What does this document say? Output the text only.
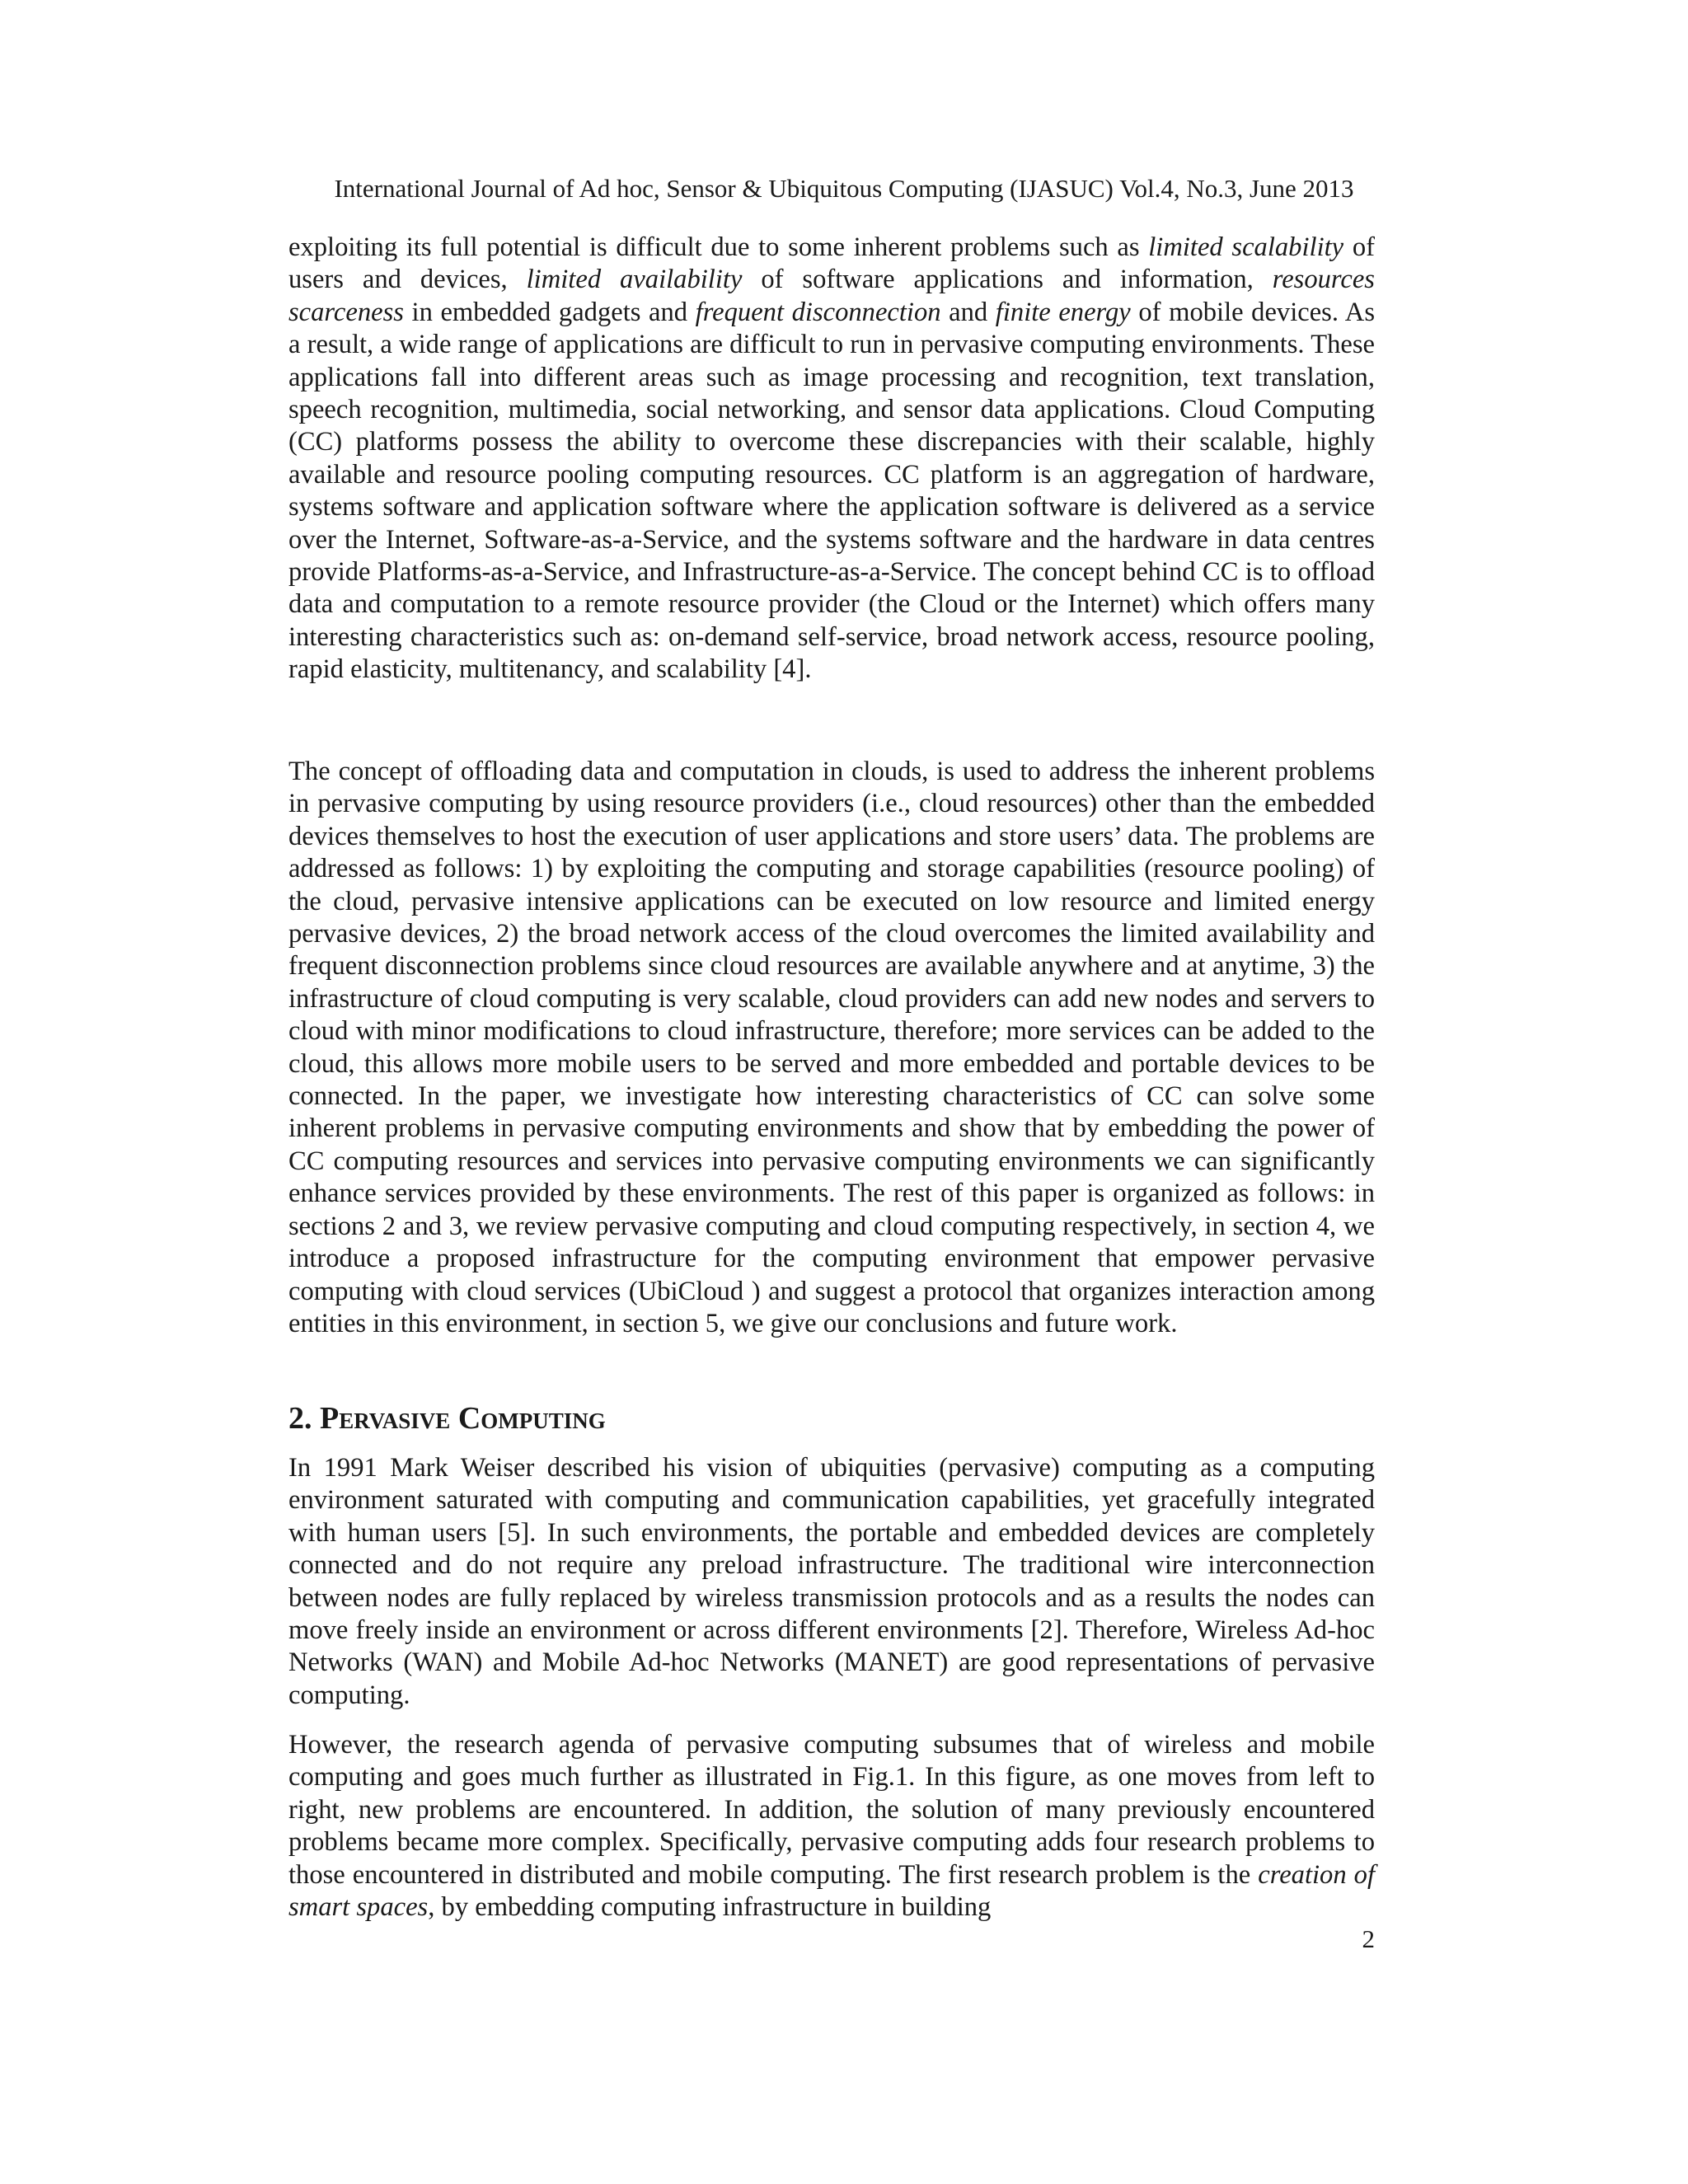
International Journal of Ad hoc, Sensor & Ubiquitous Computing (IJASUC) Vol.4, No.3, June 2013
exploiting its full potential is difficult due to some inherent problems such as limited scalability of users and devices, limited availability of software applications and information, resources scarceness in embedded gadgets and frequent disconnection and finite energy of mobile devices. As a result, a wide range of applications are difficult to run in pervasive computing environments. These applications fall into different areas such as image processing and recognition, text translation, speech recognition, multimedia, social networking, and sensor data applications. Cloud Computing (CC) platforms possess the ability to overcome these discrepancies with their scalable, highly available and resource pooling computing resources. CC platform is an aggregation of hardware, systems software and application software where the application software is delivered as a service over the Internet, Software-as-a-Service, and the systems software and the hardware in data centres provide Platforms-as-a-Service, and Infrastructure-as-a-Service. The concept behind CC is to offload data and computation to a remote resource provider (the Cloud or the Internet) which offers many interesting characteristics such as: on-demand self-service, broad network access, resource pooling, rapid elasticity, multitenancy, and scalability [4].
The concept of offloading data and computation in clouds, is used to address the inherent problems in pervasive computing by using resource providers (i.e., cloud resources) other than the embedded devices themselves to host the execution of user applications and store users’ data. The problems are addressed as follows: 1) by exploiting the computing and storage capabilities (resource pooling) of the cloud, pervasive intensive applications can be executed on low resource and limited energy pervasive devices, 2) the broad network access of the cloud overcomes the limited availability and frequent disconnection problems since cloud resources are available anywhere and at anytime, 3) the infrastructure of cloud computing is very scalable, cloud providers can add new nodes and servers to cloud with minor modifications to cloud infrastructure, therefore; more services can be added to the cloud, this allows more mobile users to be served and more embedded and portable devices to be connected. In the paper, we investigate how interesting characteristics of CC can solve some inherent problems in pervasive computing environments and show that by embedding the power of CC computing resources and services into pervasive computing environments we can significantly enhance services provided by these environments. The rest of this paper is organized as follows: in sections 2 and 3, we review pervasive computing and cloud computing respectively, in section 4, we introduce a proposed infrastructure for the computing environment that empower pervasive computing with cloud services (UbiCloud ) and suggest a protocol that organizes interaction among entities in this environment, in section 5, we give our conclusions and future work.
2. Pervasive Computing
In 1991 Mark Weiser described his vision of ubiquities (pervasive) computing as a computing environment saturated with computing and communication capabilities, yet gracefully integrated with human users [5]. In such environments, the portable and embedded devices are completely connected and do not require any preload infrastructure. The traditional wire interconnection between nodes are fully replaced by wireless transmission protocols and as a results the nodes can move freely inside an environment or across different environments [2]. Therefore, Wireless Ad-hoc Networks (WAN) and Mobile Ad-hoc Networks (MANET) are good representations of pervasive computing.
However, the research agenda of pervasive computing subsumes that of wireless and mobile computing and goes much further as illustrated in Fig.1. In this figure, as one moves from left to right, new problems are encountered. In addition, the solution of many previously encountered problems became more complex. Specifically, pervasive computing adds four research problems to those encountered in distributed and mobile computing. The first research problem is the creation of smart spaces, by embedding computing infrastructure in building
2
